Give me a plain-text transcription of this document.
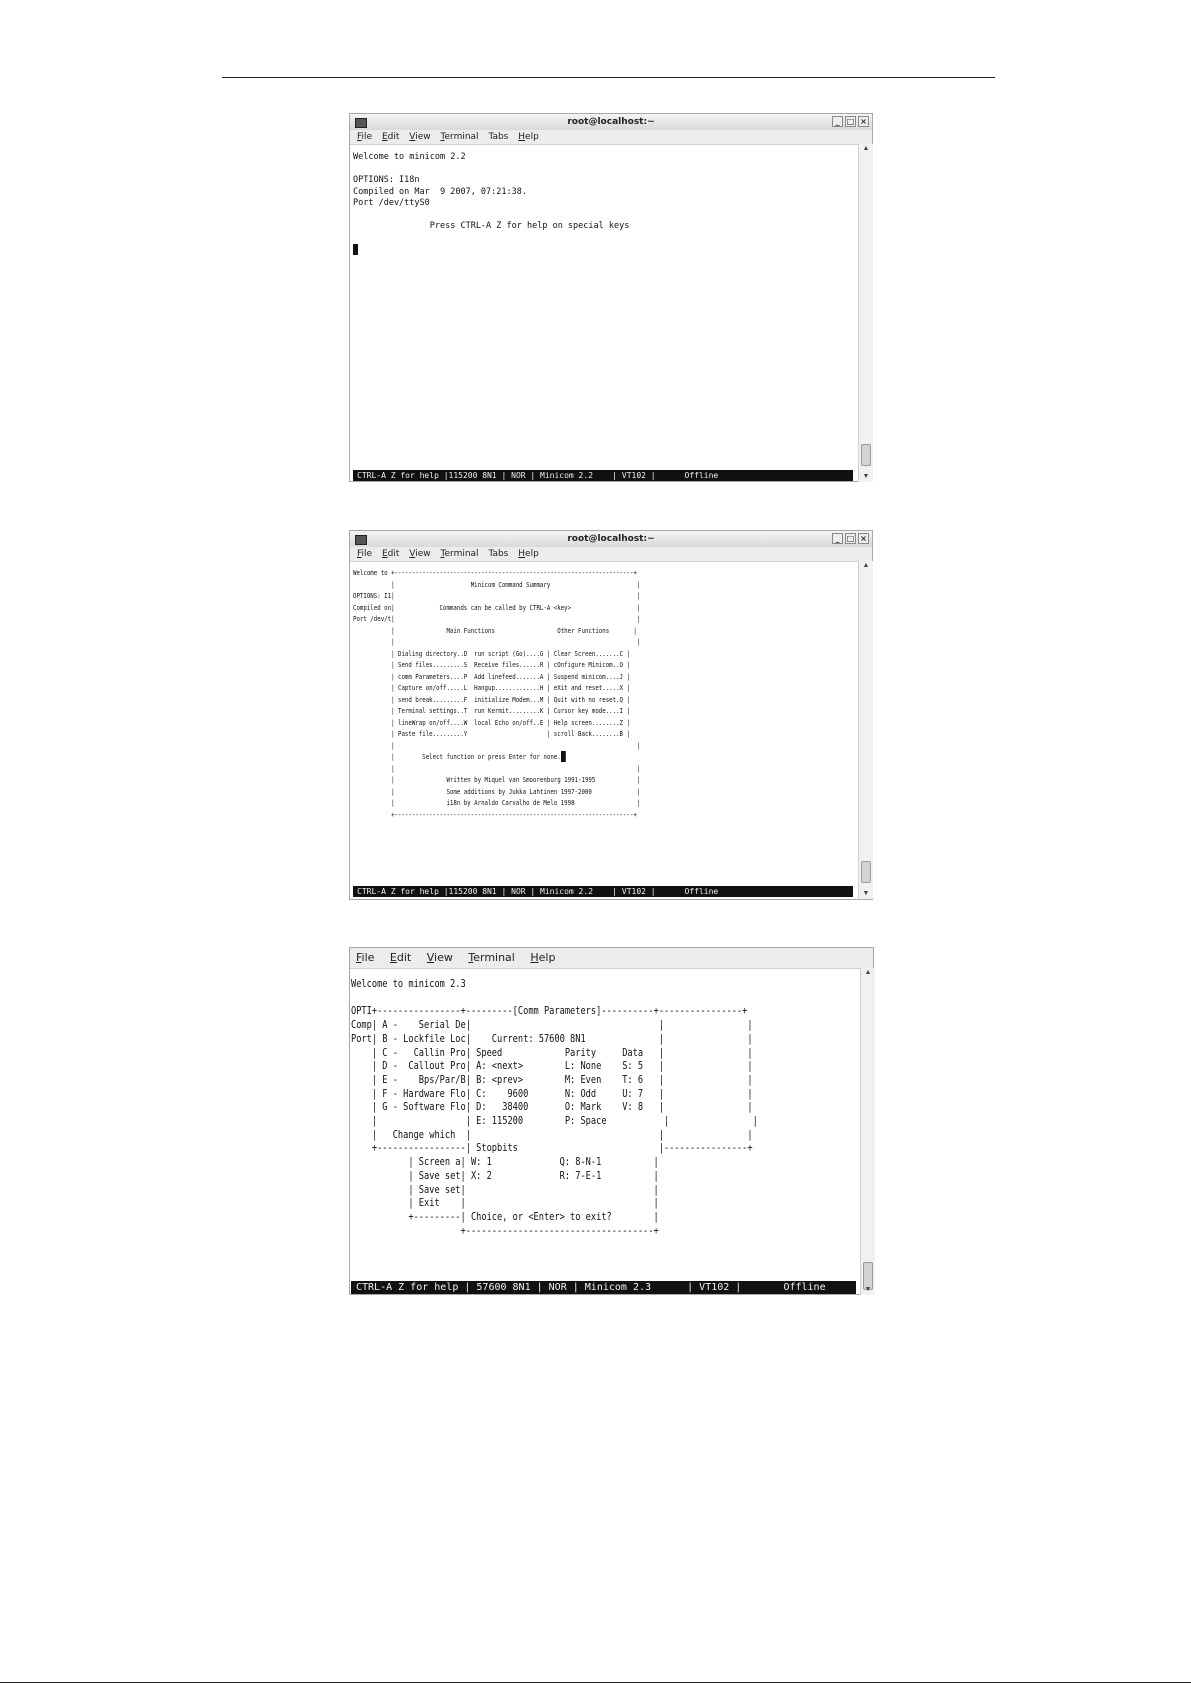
root@localhost:~	_ □ ×
File Edit View Terminal Tabs Help
Welcome to minicom 2.2

OPTIONS: I18n
Compiled on Mar  9 2007, 07:21:38.
Port /dev/ttyS0

Press CTRL-A Z for help on special keys

CTRL-A Z for help |115200 8N1 | NOR | Minicom 2.2    | VT102 |      Offline
▲
▼
root@localhost:~	_ □ ×
File Edit View Terminal Tabs Help
Welcome to +---------------------------------------------------------------------+
|                      Minicom Command Summary                         |
OPTIONS: I1|                                                                      |
Compiled on|             Commands can be called by CTRL-A <key>                   |
Port /dev/t|                                                                      |
|               Main Functions                  Other Functions       |
|                                                                      |
| Dialing directory..D  run script (Go)....G | Clear Screen.......C |
| Send files.........S  Receive files......R | cOnfigure Minicom..O |
| comm Parameters....P  Add linefeed.......A | Suspend minicom....J |
| Capture on/off.....L  Hangup.............H | eXit and reset.....X |
| send break.........F  initialize Modem...M | Quit with no reset.Q |
| Terminal settings..T  run Kermit.........K | Cursor key mode....I |
| lineWrap on/off....W  local Echo on/off..E | Help screen........Z |
| Paste file.........Y                       | scroll Back........B |
|                                                                      |
|        Select function or press Enter for none.
|                                                                      |
|               Written by Miquel van Smoorenburg 1991-1995            |
|               Some additions by Jukka Lahtinen 1997-2000             |
|               i18n by Arnaldo Carvalho de Melo 1998                  |
+---------------------------------------------------------------------+
CTRL-A Z for help |115200 8N1 | NOR | Minicom 2.2    | VT102 |      Offline
▲
▼
File Edit View Terminal Help
Welcome to minicom 2.3

OPTI+----------------+---------[Comm Parameters]----------+----------------+
Comp| A -    Serial De|                                    |                |
Port| B - Lockfile Loc|    Current: 57600 8N1              |                |
| C -   Callin Pro| Speed            Parity     Data   |                |
| D -  Callout Pro| A: <next>        L: None    S: 5   |                |
| E -    Bps/Par/B| B: <prev>        M: Even    T: 6   |                |
| F - Hardware Flo| C:    9600       N: Odd     U: 7   |                |
| G - Software Flo| D:   38400       O: Mark    V: 8   |                |
|                 | E: 115200        P: Space           |                |
|   Change which  |                                    |                |
+-----------------| Stopbits                           |----------------+
| Screen a| W: 1             Q: 8-N-1          |
| Save set| X: 2             R: 7-E-1          |
| Save set|                                    |
| Exit    |                                    |
+---------| Choice, or <Enter> to exit?        |
+------------------------------------+
CTRL-A Z for help | 57600 8N1 | NOR | Minicom 2.3      | VT102 |       Offline
▲
▼
